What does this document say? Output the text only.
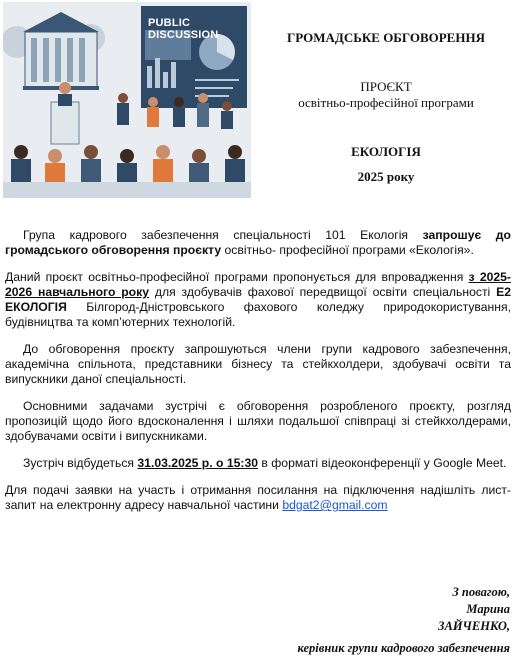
PUBLIC DISCUSSION	ГРОМАДСЬКЕ ОБГОВОРЕННЯ
ПРОЄКТ
освітньо-професійної програми
ЕКОЛОГІЯ
2025 року

Група кадрового забезпечення спеціальності 101 Екологія запрошує до громадського обговорення проєкту освітньо- професійної програми «Екологія».

Даний проєкт освітньо-професійної програми пропонується для впровадження з 2025-2026 навчального року для здобувачів фахової передвищої освіти спеціальності Е2 ЕКОЛОГІЯ Білгород-Дністровського фахового коледжу природокористування, будівництва та комп’ютерних технологій.

До обговорення проєкту запрошуються члени групи кадрового забезпечення, академічна спільнота, представники бізнесу та стейкхолдери, здобувачі освіти та випускники даної спеціальності.

Основними задачами зустрічі є обговорення розробленого проєкту, розгляд пропозицій щодо його вдосконалення і шляхи подальшої співпраці зі стейкхолдерами, здобувачами освіти і випускниками.

Зустріч відбудеться 31.03.2025 р. о 15:30 в форматі відеоконференції у Google Meet.

Для подачі заявки на участь і отримання посилання на підключення надішліть лист-запит на електронну адресу навчальної частини bdgat2@gmail.com

З повагою,
Марина
ЗАЙЧЕНКО,
керівник групи кадрового забезпечення
